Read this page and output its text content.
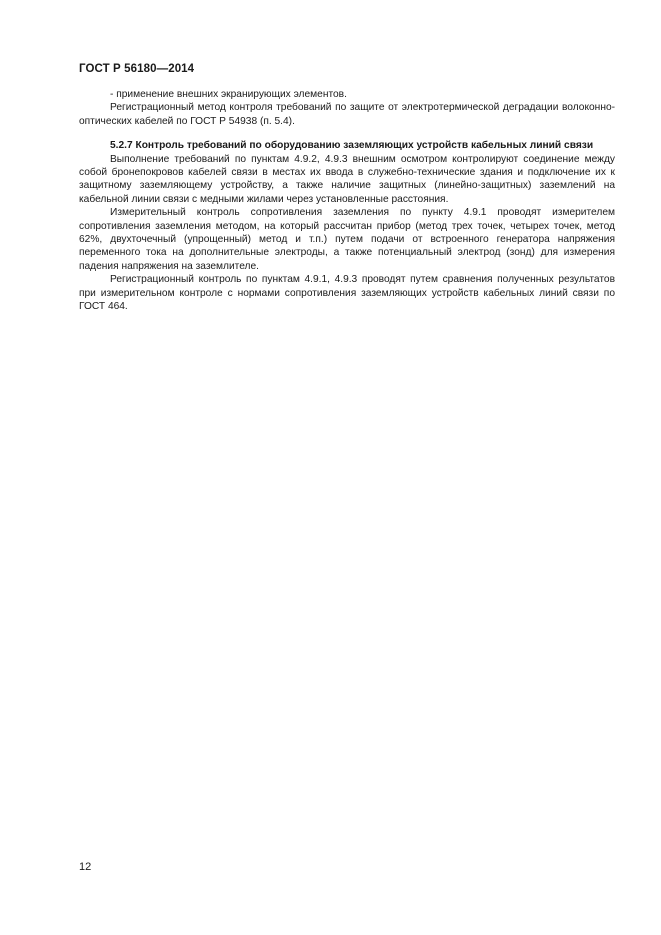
ГОСТ Р 56180—2014

- применение внешних экранирующих элементов.

Регистрационный метод контроля требований по защите от электротермической деградации волоконно-оптических кабелей по ГОСТ Р 54938 (п. 5.4).

5.2.7 Контроль требований по оборудованию заземляющих устройств кабельных линий связи

Выполнение требований по пунктам 4.9.2, 4.9.3 внешним осмотром контролируют соединение между собой бронепокровов кабелей связи в местах их ввода в служебно-технические здания и подключение их к защитному заземляющему устройству, а также наличие защитных (линейно-защитных) заземлений на кабельной линии связи с медными жилами через установленные расстояния.

Измерительный контроль сопротивления заземления по пункту 4.9.1 проводят измерителем сопротивления заземления методом, на который рассчитан прибор (метод трех точек, четырех точек, метод 62%, двухточечный (упрощенный) метод и т.п.) путем подачи от встроенного генератора напряжения переменного тока на дополнительные электроды, а также потенциальный электрод (зонд) для измерения падения напряжения на заземлителе.

Регистрационный контроль по пунктам 4.9.1, 4.9.3 проводят путем сравнения полученных результатов при измерительном контроле с нормами сопротивления заземляющих устройств кабельных линий связи по ГОСТ 464.

12
